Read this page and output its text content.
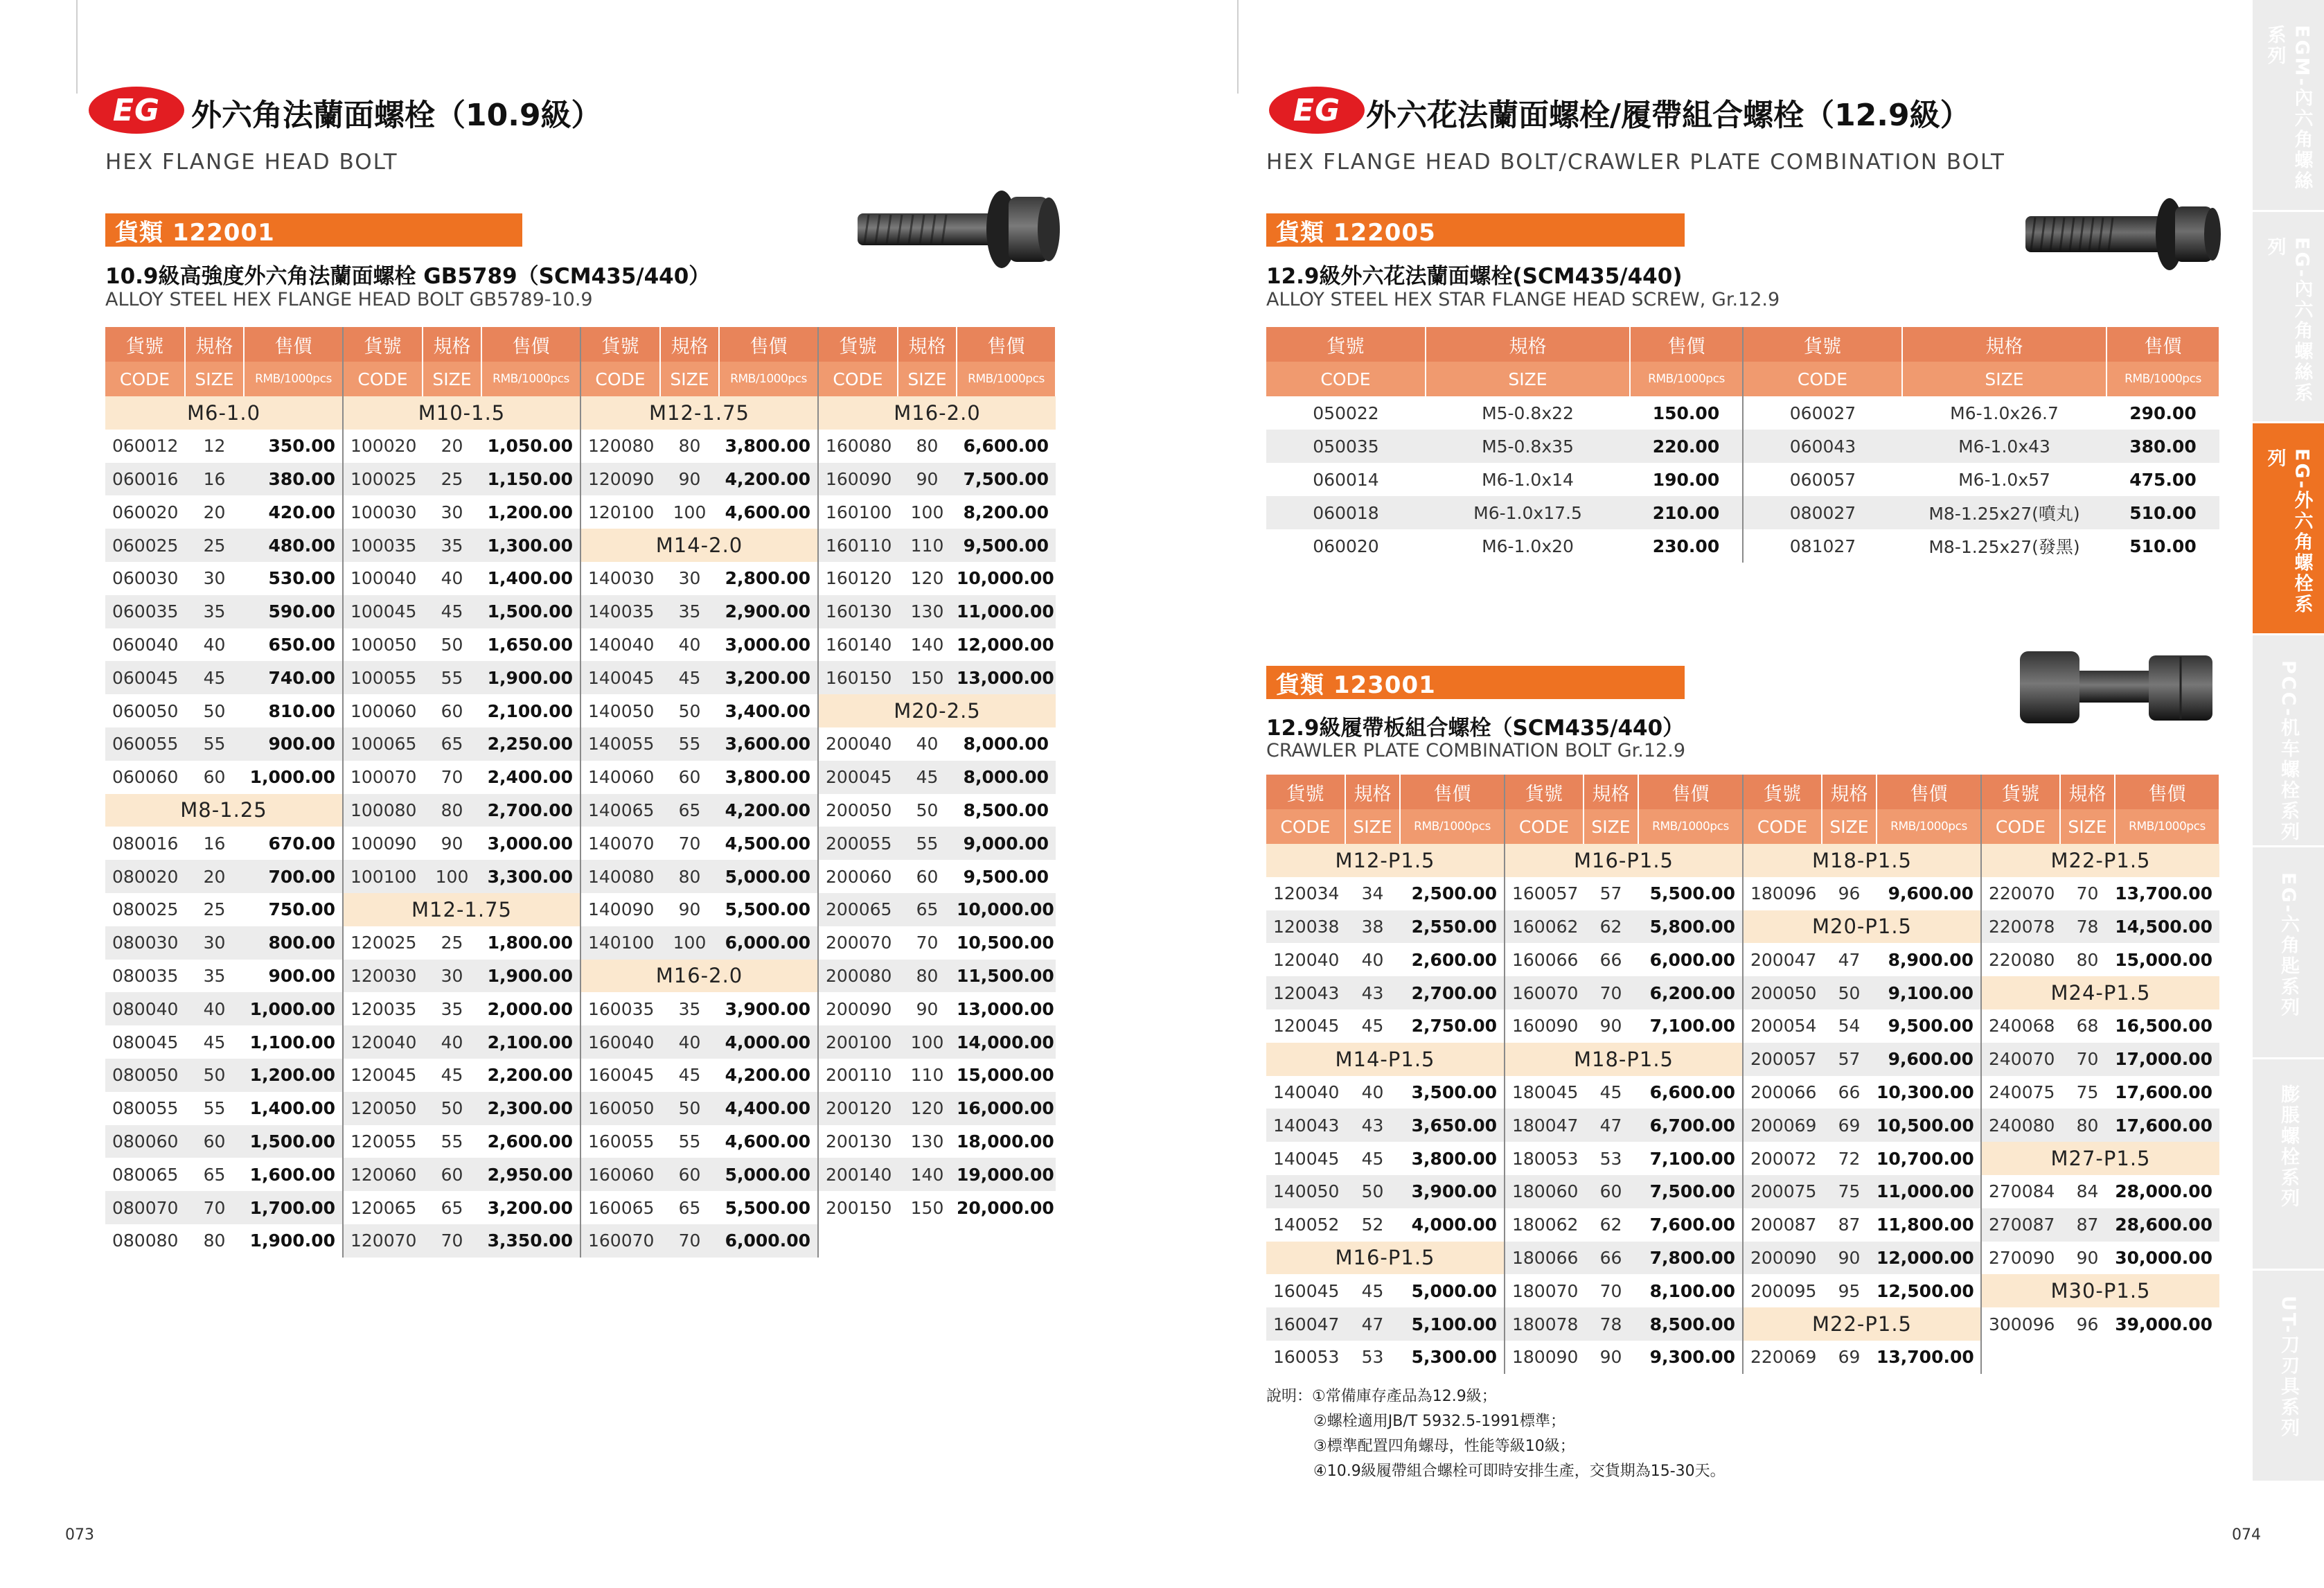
EG	外六角法蘭面螺栓（10.9級）
HEX FLANGE HEAD BOLT
貨類 122001
10.9級高強度外六角法蘭面螺栓 GB5789（SCM435/440）
ALLOY STEEL HEX FLANGE HEAD BOLT GB5789-10.9
貨號	規格	售價	貨號	規格	售價	貨號	規格	售價	貨號	規格	售價
CODE	SIZE	RMB/1000pcs	CODE	SIZE	RMB/1000pcs	CODE	SIZE	RMB/1000pcs	CODE	SIZE	RMB/1000pcs
M6-1.0			M10-1.5			M12-1.75			M16-2.0		
060012	12	350.00	100020	20	1,050.00	120080	80	3,800.00	160080	80	6,600.00
060016	16	380.00	100025	25	1,150.00	120090	90	4,200.00	160090	90	7,500.00
060020	20	420.00	100030	30	1,200.00	120100	100	4,600.00	160100	100	8,200.00
060025	25	480.00	100035	35	1,300.00	M14-2.0			160110	110	9,500.00
060030	30	530.00	100040	40	1,400.00	140030	30	2,800.00	160120	120	10,000.00
060035	35	590.00	100045	45	1,500.00	140035	35	2,900.00	160130	130	11,000.00
060040	40	650.00	100050	50	1,650.00	140040	40	3,000.00	160140	140	12,000.00
060045	45	740.00	100055	55	1,900.00	140045	45	3,200.00	160150	150	13,000.00
060050	50	810.00	100060	60	2,100.00	140050	50	3,400.00	M20-2.5		
060055	55	900.00	100065	65	2,250.00	140055	55	3,600.00	200040	40	8,000.00
060060	60	1,000.00	100070	70	2,400.00	140060	60	3,800.00	200045	45	8,000.00
M8-1.25			100080	80	2,700.00	140065	65	4,200.00	200050	50	8,500.00
080016	16	670.00	100090	90	3,000.00	140070	70	4,500.00	200055	55	9,000.00
080020	20	700.00	100100	100	3,300.00	140080	80	5,000.00	200060	60	9,500.00
080025	25	750.00	M12-1.75			140090	90	5,500.00	200065	65	10,000.00
080030	30	800.00	120025	25	1,800.00	140100	100	6,000.00	200070	70	10,500.00
080035	35	900.00	120030	30	1,900.00	M16-2.0			200080	80	11,500.00
080040	40	1,000.00	120035	35	2,000.00	160035	35	3,900.00	200090	90	13,000.00
080045	45	1,100.00	120040	40	2,100.00	160040	40	4,000.00	200100	100	14,000.00
080050	50	1,200.00	120045	45	2,200.00	160045	45	4,200.00	200110	110	15,000.00
080055	55	1,400.00	120050	50	2,300.00	160050	50	4,400.00	200120	120	16,000.00
080060	60	1,500.00	120055	55	2,600.00	160055	55	4,600.00	200130	130	18,000.00
080065	65	1,600.00	120060	60	2,950.00	160060	60	5,000.00	200140	140	19,000.00
080070	70	1,700.00	120065	65	3,200.00	160065	65	5,500.00	200150	150	20,000.00
080080	80	1,900.00	120070	70	3,350.00	160070	70	6,000.00			
073
EG 外六花法蘭面螺栓/履帶組合螺栓（12.9級）
HEX FLANGE HEAD BOLT/CRAWLER PLATE COMBINATION BOLT
貨類 122005
12.9級外六花法蘭面螺栓(SCM435/440)
ALLOY STEEL HEX STAR FLANGE HEAD SCREW, Gr.12.9
貨號	規格	售價	貨號	規格	售價
CODE	SIZE	RMB/1000pcs	CODE	SIZE	RMB/1000pcs
050022	M5-0.8x22	150.00	060027	M6-1.0x26.7	290.00
050035	M5-0.8x35	220.00	060043	M6-1.0x43	380.00
060014	M6-1.0x14	190.00	060057	M6-1.0x57	475.00
060018	M6-1.0x17.5	210.00	080027	M8-1.25x27(噴丸)	510.00
060020	M6-1.0x20	230.00	081027	M8-1.25x27(發黑)	510.00
貨類 123001
12.9級履帶板組合螺栓（SCM435/440）
CRAWLER PLATE COMBINATION BOLT Gr.12.9
貨號	規格	售價	貨號	規格	售價	貨號	規格	售價	貨號	規格	售價
CODE	SIZE	RMB/1000pcs	CODE	SIZE	RMB/1000pcs	CODE	SIZE	RMB/1000pcs	CODE	SIZE	RMB/1000pcs
M12-P1.5			M16-P1.5			M18-P1.5			M22-P1.5		
120034	34	2,500.00	160057	57	5,500.00	180096	96	9,600.00	220070	70	13,700.00
120038	38	2,550.00	160062	62	5,800.00	M20-P1.5			220078	78	14,500.00
120040	40	2,600.00	160066	66	6,000.00	200047	47	8,900.00	220080	80	15,000.00
120043	43	2,700.00	160070	70	6,200.00	200050	50	9,100.00	M24-P1.5		
120045	45	2,750.00	160090	90	7,100.00	200054	54	9,500.00	240068	68	16,500.00
M14-P1.5			M18-P1.5			200057	57	9,600.00	240070	70	17,000.00
140040	40	3,500.00	180045	45	6,600.00	200066	66	10,300.00	240075	75	17,600.00
140043	43	3,650.00	180047	47	6,700.00	200069	69	10,500.00	240080	80	17,600.00
140045	45	3,800.00	180053	53	7,100.00	200072	72	10,700.00	M27-P1.5		
140050	50	3,900.00	180060	60	7,500.00	200075	75	11,000.00	270084	84	28,000.00
140052	52	4,000.00	180062	62	7,600.00	200087	87	11,800.00	270087	87	28,600.00
M16-P1.5			180066	66	7,800.00	200090	90	12,000.00	270090	90	30,000.00
160045	45	5,000.00	180070	70	8,100.00	200095	95	12,500.00	M30-P1.5		
160047	47	5,100.00	180078	78	8,500.00	M22-P1.5			300096	96	39,000.00
160053	53	5,300.00	180090	90	9,300.00	220069	69	13,700.00			
說明：①常備庫存產品為12.9級；
②螺栓適用JB/T 5932.5-1991標準；
③標準配置四角螺母，性能等級10級；
④10.9級履帶組合螺栓可即時安排生產，交貨期為15-30天。
074
EGM-內六角螺絲系列
EG-內六角螺絲系列
EG-外六角螺栓系列
PCC-机车螺栓系列
EG-六角匙系列
膨脹螺栓系列
UT-刀刃具系列
